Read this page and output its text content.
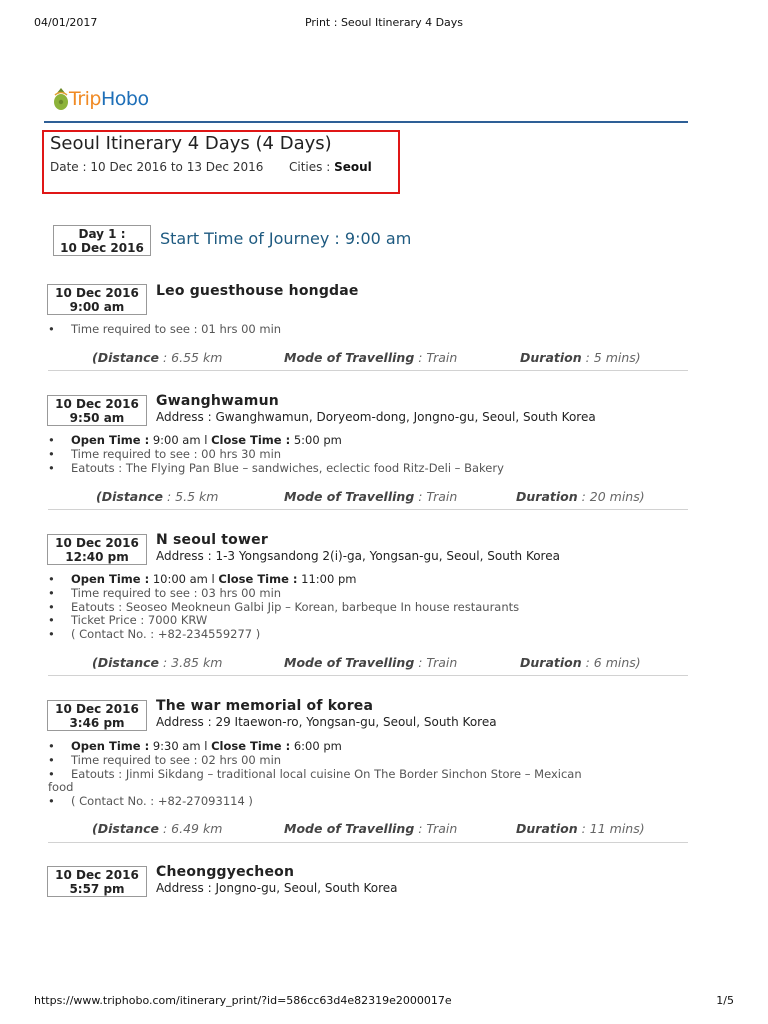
04/01/2017	Print : Seoul Itinerary 4 Days
TripHobo
Seoul Itinerary 4 Days (4 Days)
Date : 10 Dec 2016 to 13 Dec 2016 Cities : Seoul
Day 1 :
10 Dec 2016	Start Time of Journey : 9:00 am
10 Dec 2016
9:00 am
Leo guesthouse hongdae
• Time required to see : 01 hrs 00 min
(Distance : 6.55 km	Mode of Travelling : Train	Duration : 5 mins)
10 Dec 2016
9:50 am
Gwanghwamun
Address : Gwanghwamun, Doryeom-dong, Jongno-gu, Seoul, South Korea
• Open Time : 9:00 am l Close Time : 5:00 pm
• Time required to see : 00 hrs 30 min
• Eatouts : The Flying Pan Blue – sandwiches, eclectic food Ritz-Deli – Bakery
(Distance : 5.5 km	Mode of Travelling : Train	Duration : 20 mins)
10 Dec 2016
12:40 pm
N seoul tower
Address : 1-3 Yongsandong 2(i)-ga, Yongsan-gu, Seoul, South Korea
• Open Time : 10:00 am l Close Time : 11:00 pm
• Time required to see : 03 hrs 00 min
• Eatouts : Seoseo Meokneun Galbi Jip – Korean, barbeque In house restaurants
• Ticket Price : 7000 KRW
• ( Contact No. : +82-234559277 )
(Distance : 3.85 km	Mode of Travelling : Train	Duration : 6 mins)
10 Dec 2016
3:46 pm
The war memorial of korea
Address : 29 Itaewon-ro, Yongsan-gu, Seoul, South Korea
• Open Time : 9:30 am l Close Time : 6:00 pm
• Time required to see : 02 hrs 00 min
• Eatouts : Jinmi Sikdang – traditional local cuisine On The Border Sinchon Store – Mexican food
• ( Contact No. : +82-27093114 )
(Distance : 6.49 km	Mode of Travelling : Train	Duration : 11 mins)
10 Dec 2016
5:57 pm
Cheonggyecheon
Address : Jongno-gu, Seoul, South Korea
https://www.triphobo.com/itinerary_print/?id=586cc63d4e82319e2000017e	1/5
